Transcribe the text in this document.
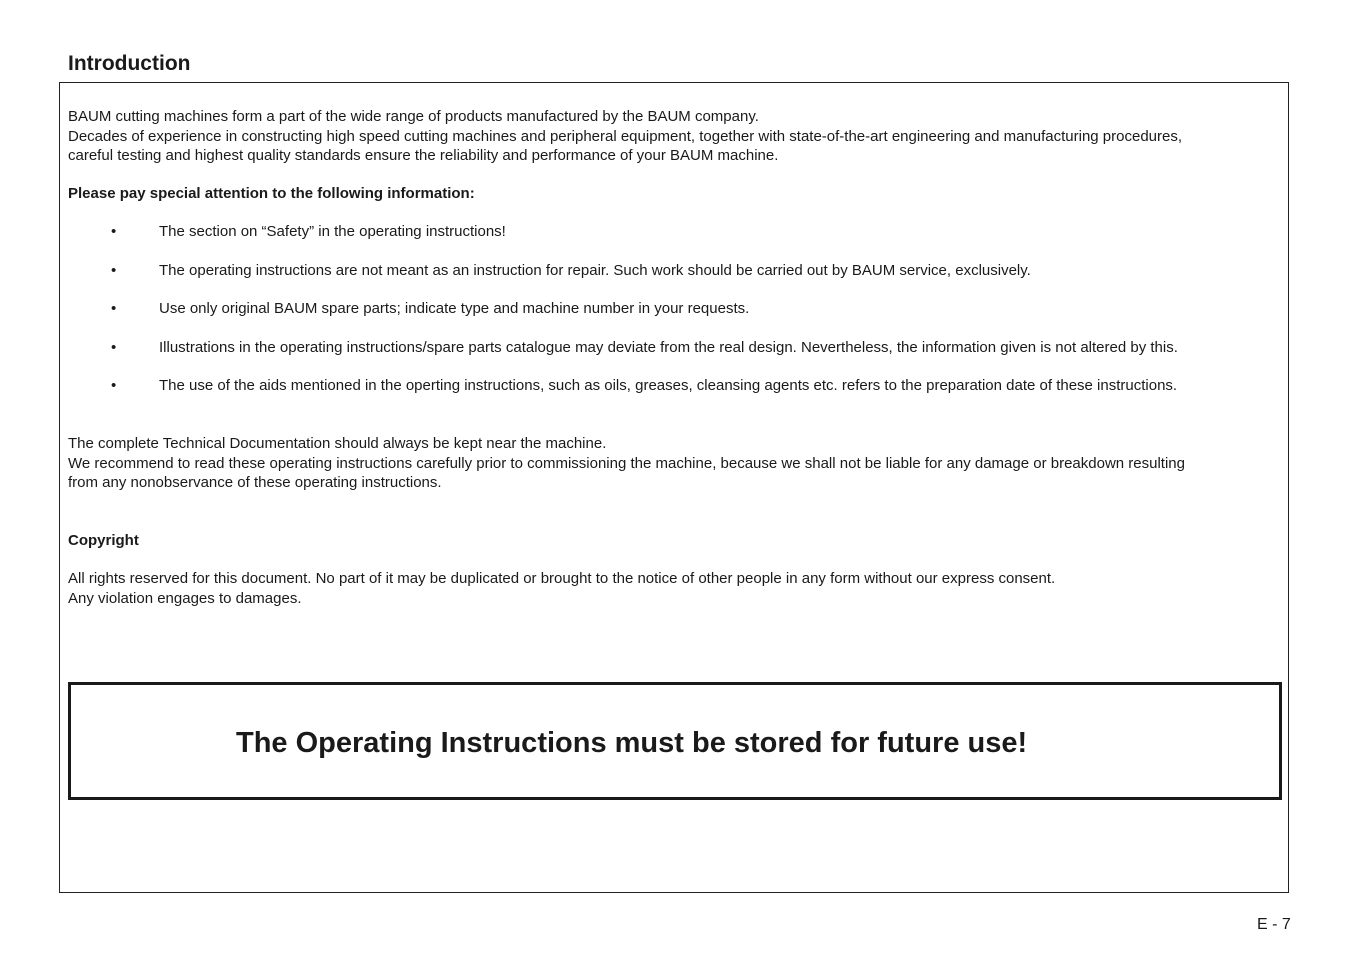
Introduction

BAUM cutting machines form a part of the wide range of products manufactured by the BAUM company.
Decades of experience in constructing high speed cutting machines and peripheral equipment, together with state-of-the-art engineering and manufacturing procedures,
careful testing and highest quality standards ensure the reliability and performance of your BAUM machine.

Please pay special attention to the following information:

•	The section on “Safety” in the operating instructions!
•	The operating instructions are not meant as an instruction for repair. Such work should be carried out by BAUM service, exclusively.
•	Use only original BAUM spare parts; indicate type and machine number in your requests.
•	Illustrations in the operating instructions/spare parts catalogue may deviate from the real design. Nevertheless, the information given is not altered by this.
•	The use of the aids mentioned in the operting instructions, such as oils, greases, cleansing agents etc. refers to the preparation date of these instructions.

The complete Technical Documentation should always be kept near the machine.
We recommend to read these operating instructions carefully prior to commissioning the machine, because we shall not be liable for any damage or breakdown resulting
from any nonobservance of these operating instructions.

Copyright

All rights reserved for this document. No part of it may be duplicated or brought to the notice of other people in any form without our express consent.
Any violation engages to damages.

The Operating Instructions must be stored for future use!

E - 7
